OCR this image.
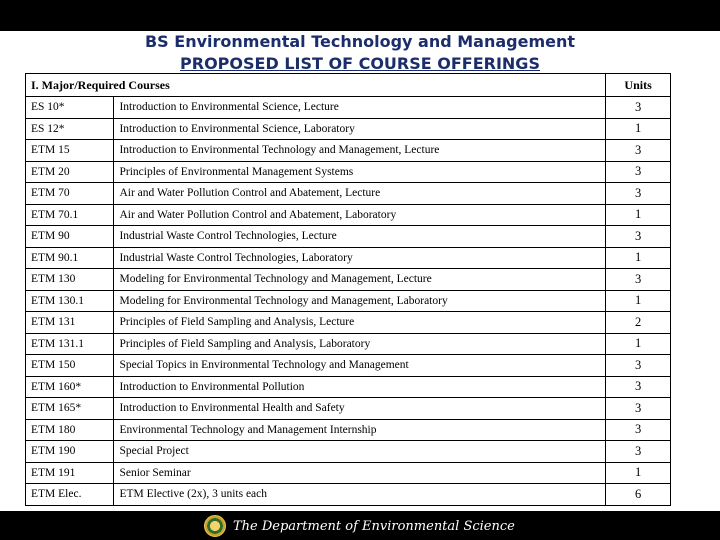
BS Environmental Technology and Management
PROPOSED LIST OF COURSE OFFERINGS
I. Major/Required Courses		Units
ES 10*	Introduction to Environmental Science, Lecture	3
ES 12*	Introduction to Environmental Science, Laboratory	1
ETM 15	Introduction to Environmental Technology and Management, Lecture	3
ETM 20	Principles of Environmental Management Systems	3
ETM 70	Air and Water Pollution Control and Abatement, Lecture	3
ETM 70.1	Air and Water Pollution Control and Abatement, Laboratory	1
ETM 90	Industrial Waste Control Technologies, Lecture	3
ETM 90.1	Industrial Waste Control Technologies, Laboratory	1
ETM 130	Modeling for Environmental Technology and Management, Lecture	3
ETM 130.1	Modeling for Environmental Technology and Management, Laboratory	1
ETM 131	Principles of Field Sampling and Analysis, Lecture	2
ETM 131.1	Principles of Field Sampling and Analysis, Laboratory	1
ETM 150	Special Topics in Environmental Technology and Management	3
ETM 160*	Introduction to Environmental Pollution	3
ETM 165*	Introduction to Environmental Health and Safety	3
ETM 180	Environmental Technology and Management Internship	3
ETM 190	Special Project	3
ETM 191	Senior Seminar	1
ETM Elec.	ETM Elective (2x), 3 units each	6
The Department of Environmental Science
